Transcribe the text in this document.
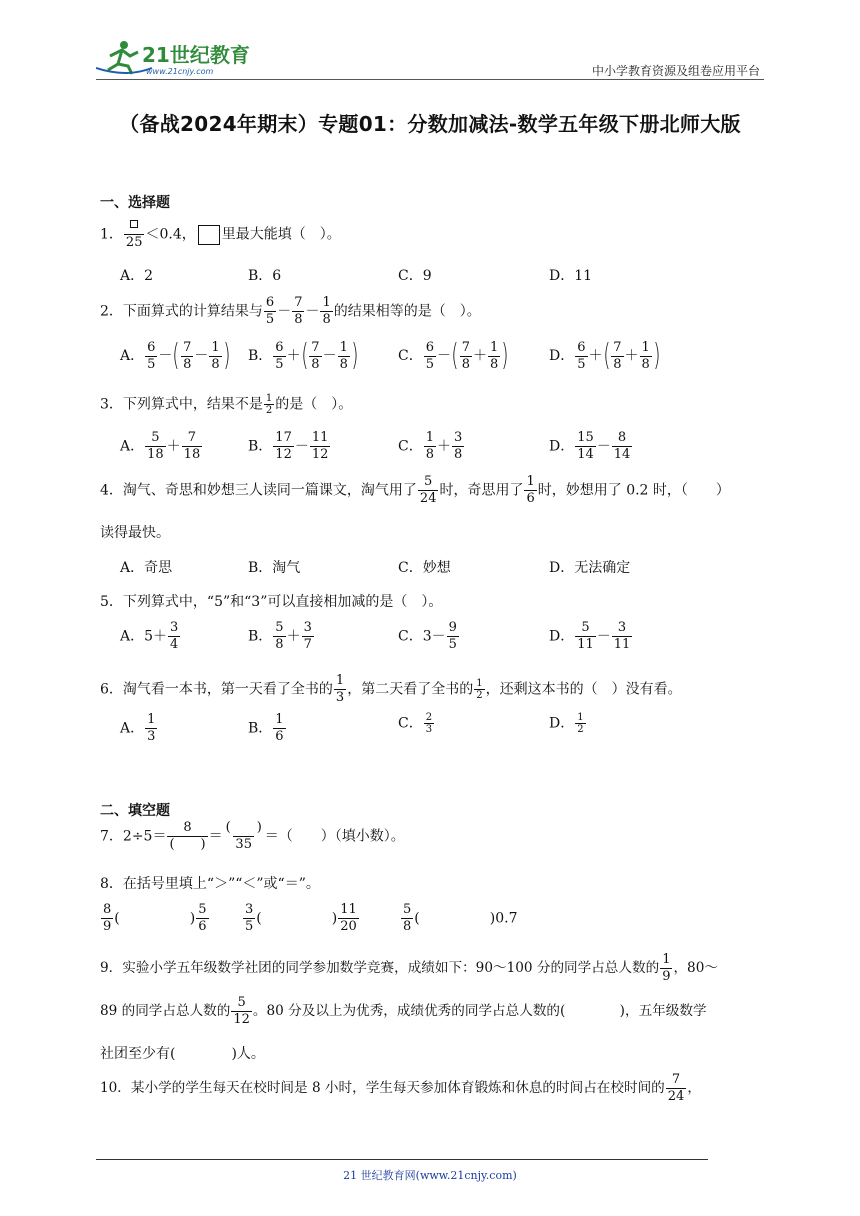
21世纪教育
www.21cnjy.com	中小学教育资源及组卷应用平台
（备战2024年期末）专题01：分数加减法-数学五年级下册北师大版
一、选择题
1． 25 ＜0.4， 里最大能填（　）。
A．2	B．6	C．9	D．11
2．下面算式的计算结果与 $\frac{6}{5} - \frac{7}{8} - \frac{1}{8}$ 的结果相等的是（　）。
A． $\frac{6}{5}$ －( $\frac{7}{8} - \frac{1}{8}$ ) B． $\frac{6}{5}$ ＋( $\frac{7}{8} - \frac{1}{8}$ )	C． $\frac{6}{5}$ －( $\frac{7}{8} + \frac{1}{8}$ )	D． $\frac{6}{5}$ ＋( $\frac{7}{8} + \frac{1}{8}$ )
3．下列算式中，结果不是 $\frac{1}{2}$ 的是（　）。
A． $\frac{5}{18} + \frac{7}{18}$	B． $\frac{17}{12} - \frac{11}{12}$	C． $\frac{1}{8} + \frac{3}{8}$	D． $\frac{15}{14} - \frac{8}{14}$
4．淘气、奇思和妙想三人读同一篇课文，淘气用了 $\frac{5}{24}$ 时，奇思用了 $\frac{1}{6}$ 时，妙想用了 0.2 时，（　　）
读得最快。
A．奇思	B．淘气	C．妙想	D．无法确定
5．下列算式中，“5”和“3”可以直接相加减的是（　）。
A．$5+ \frac{3}{4}$	B． $\frac{5}{8} + \frac{3}{7}$	C．$3- \frac{9}{5}$	D． $\frac{5}{11} - \frac{3}{11}$
6．淘气看一本书，第一天看了全书的 $\frac{1}{3}$ ，第二天看了全书的 $\frac{1}{2}$ ，还剩这本书的（　）没有看。
A． $\frac{1}{3}$	B． $\frac{1}{6}$	C． $\frac{2}{3}$	D． $\frac{1}{2}$
二、填空题
7．2÷5＝
8
(　　) ＝
(　　)
35 ＝（　　）（填小数）。
8．在括号里填上“＞”“＜”或“＝”。
$\frac{8}{9}$ (　　　　　) $\frac{5}{6}$	$\frac{3}{5}$ (　　　　　) $\frac{11}{20}$	$\frac{5}{8}$ (　　　　　)0.7
9．实验小学五年级数学社团的同学参加数学竞赛，成绩如下：90～100 分的同学占总人数的 $\frac{1}{9}$ ，80～
89 的同学占总人数的 $\frac{5}{12}$ 。80 分及以上为优秀，成绩优秀的同学占总人数的(　　　　)，五年级数学
社团至少有(　　　　)人。
10．某小学的学生每天在校时间是 8 小时，学生每天参加体育锻炼和休息的时间占在校时间的 $\frac{7}{24}$ ，
21 世纪教育网(www.21cnjy.com)
